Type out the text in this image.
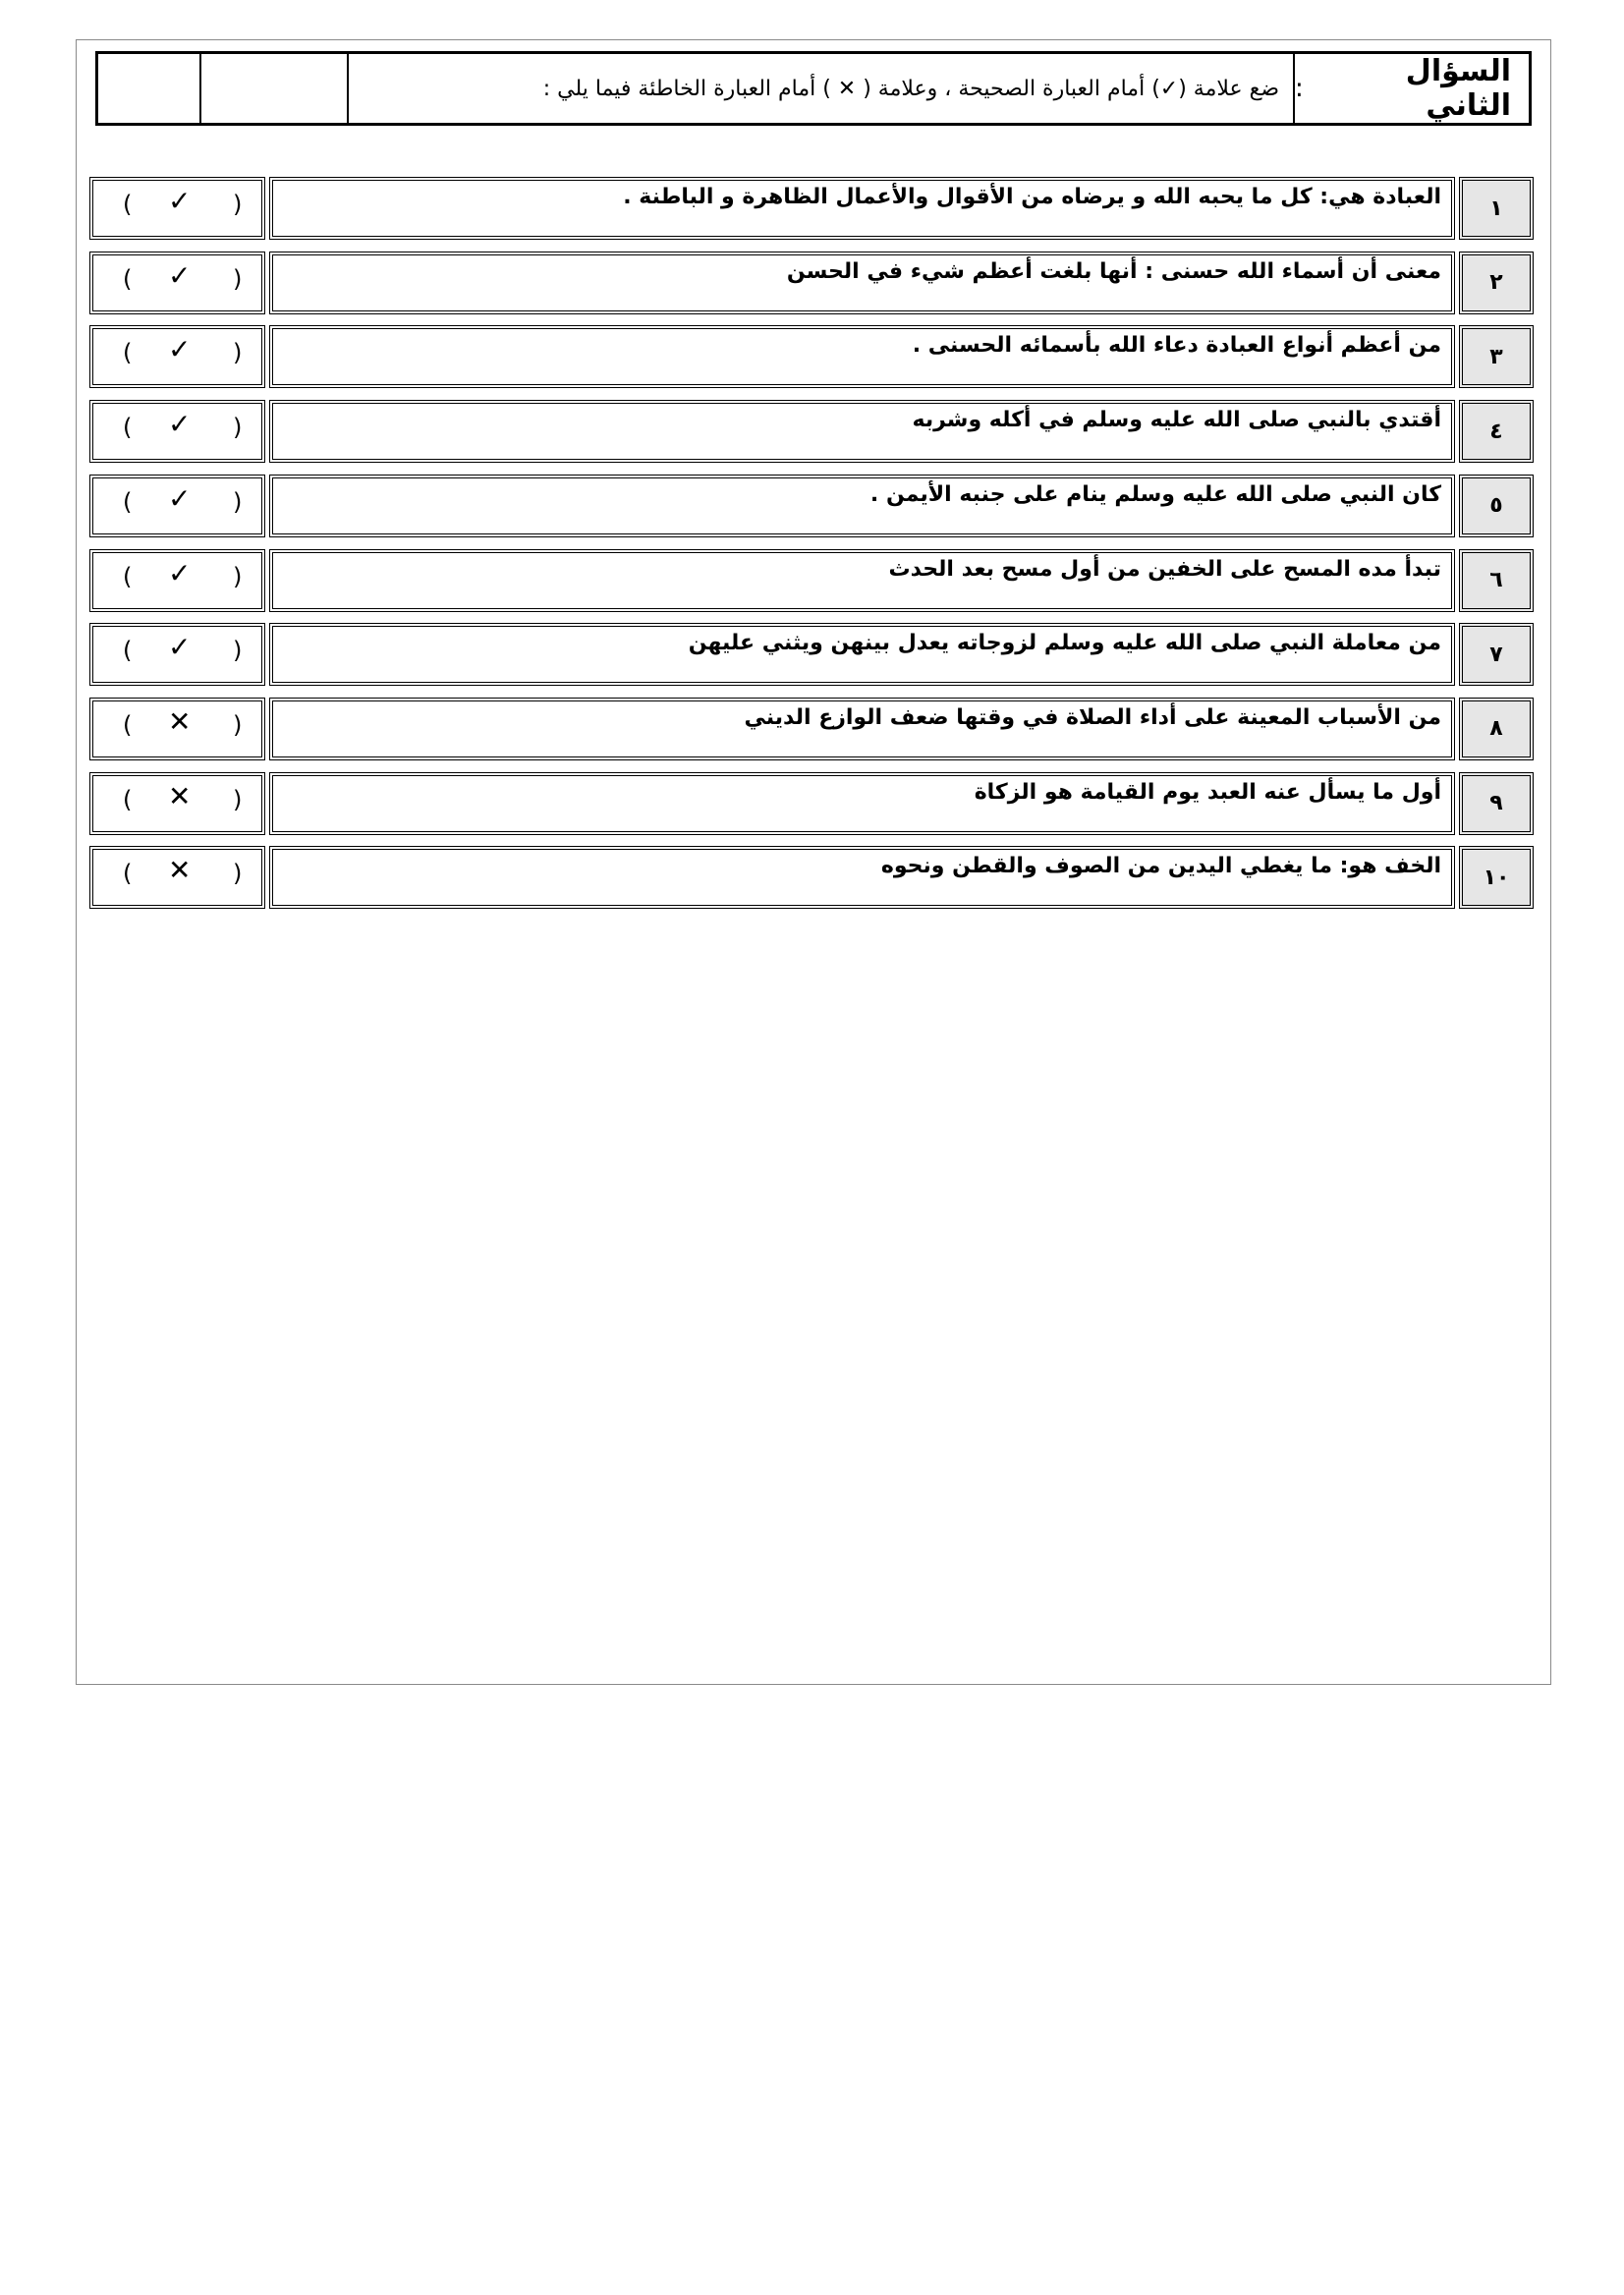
السؤال الثاني
:
ضع علامة (✓) أمام العبارة الصحيحة ، وعلامة ( ✕ ) أمام العبارة الخاطئة فيما يلي :
١
العبادة هي: كل ما يحبه الله و يرضاه من الأقوال والأعمال الظاهرة و الباطنة .
( ✓ )
٢
معنى أن أسماء الله حسنى : أنها بلغت أعظم شيء في الحسن
( ✓ )
٣
من أعظم أنواع العبادة دعاء الله بأسمائه الحسنى .
( ✓ )
٤
أقتدي بالنبي صلى الله عليه وسلم في أكله وشربه
( ✓ )
٥
كان النبي صلى الله عليه وسلم ينام على جنبه الأيمن .
( ✓ )
٦
تبدأ مده المسح على الخفين من أول مسح بعد الحدث
( ✓ )
٧
من معاملة النبي صلى الله عليه وسلم لزوجاته يعدل بينهن ويثني عليهن
( ✓ )
٨
من الأسباب المعينة على أداء الصلاة في وقتها ضعف الوازع الديني
( ✕ )
٩
أول ما يسأل عنه العبد يوم القيامة هو الزكاة
( ✕ )
١٠
الخف هو: ما يغطي اليدين من الصوف والقطن ونحوه
( ✕ )
